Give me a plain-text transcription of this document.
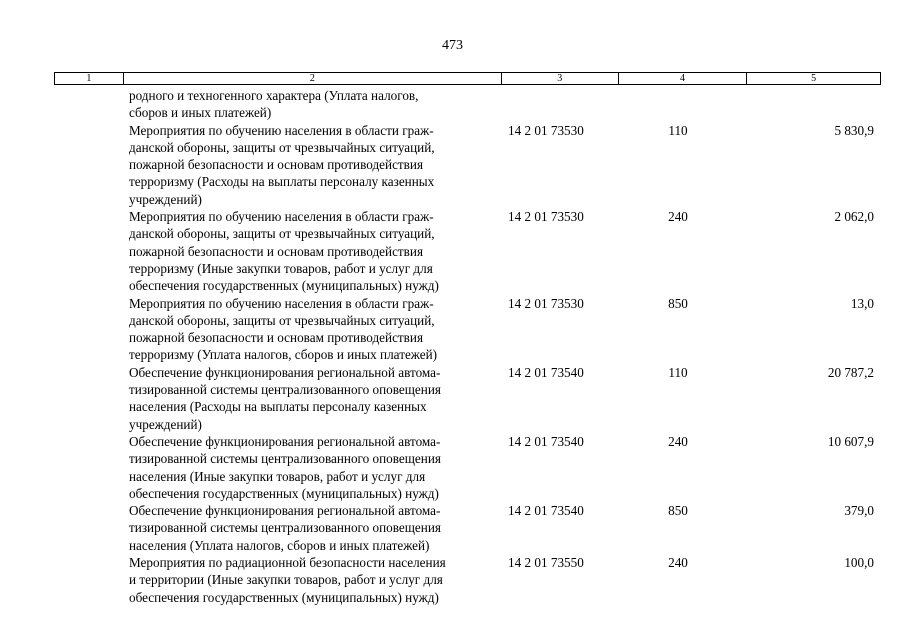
473
1	2	3	4	5
родного и техногенного характера (Уплата налогов,
сборов и иных платежей)
Мероприятия по обучению населения в области граж-
данской обороны, защиты от чрезвычайных ситуаций,
пожарной безопасности и основам противодействия
терроризму (Расходы на выплаты персоналу казенных
учреждений)
14 2 01 73530	110	5 830,9
Мероприятия по обучению населения в области граж-
данской обороны, защиты от чрезвычайных ситуаций,
пожарной безопасности и основам противодействия
терроризму (Иные закупки товаров, работ и услуг для
обеспечения государственных (муниципальных) нужд)
14 2 01 73530	240	2 062,0
Мероприятия по обучению населения в области граж-
данской обороны, защиты от чрезвычайных ситуаций,
пожарной безопасности и основам противодействия
терроризму (Уплата налогов, сборов и иных платежей)
14 2 01 73530	850	13,0
Обеспечение функционирования региональной автома-
тизированной системы централизованного оповещения
населения (Расходы на выплаты персоналу казенных
учреждений)
14 2 01 73540	110	20 787,2
Обеспечение функционирования региональной автома-
тизированной системы централизованного оповещения
населения (Иные закупки товаров, работ и услуг для
обеспечения государственных (муниципальных) нужд)
14 2 01 73540	240	10 607,9
Обеспечение функционирования региональной автома-
тизированной системы централизованного оповещения
населения (Уплата налогов, сборов и иных платежей)
14 2 01 73540	850	379,0
Мероприятия по радиационной безопасности населения
и территории (Иные закупки товаров, работ и услуг для
обеспечения государственных (муниципальных) нужд)
14 2 01 73550	240	100,0
